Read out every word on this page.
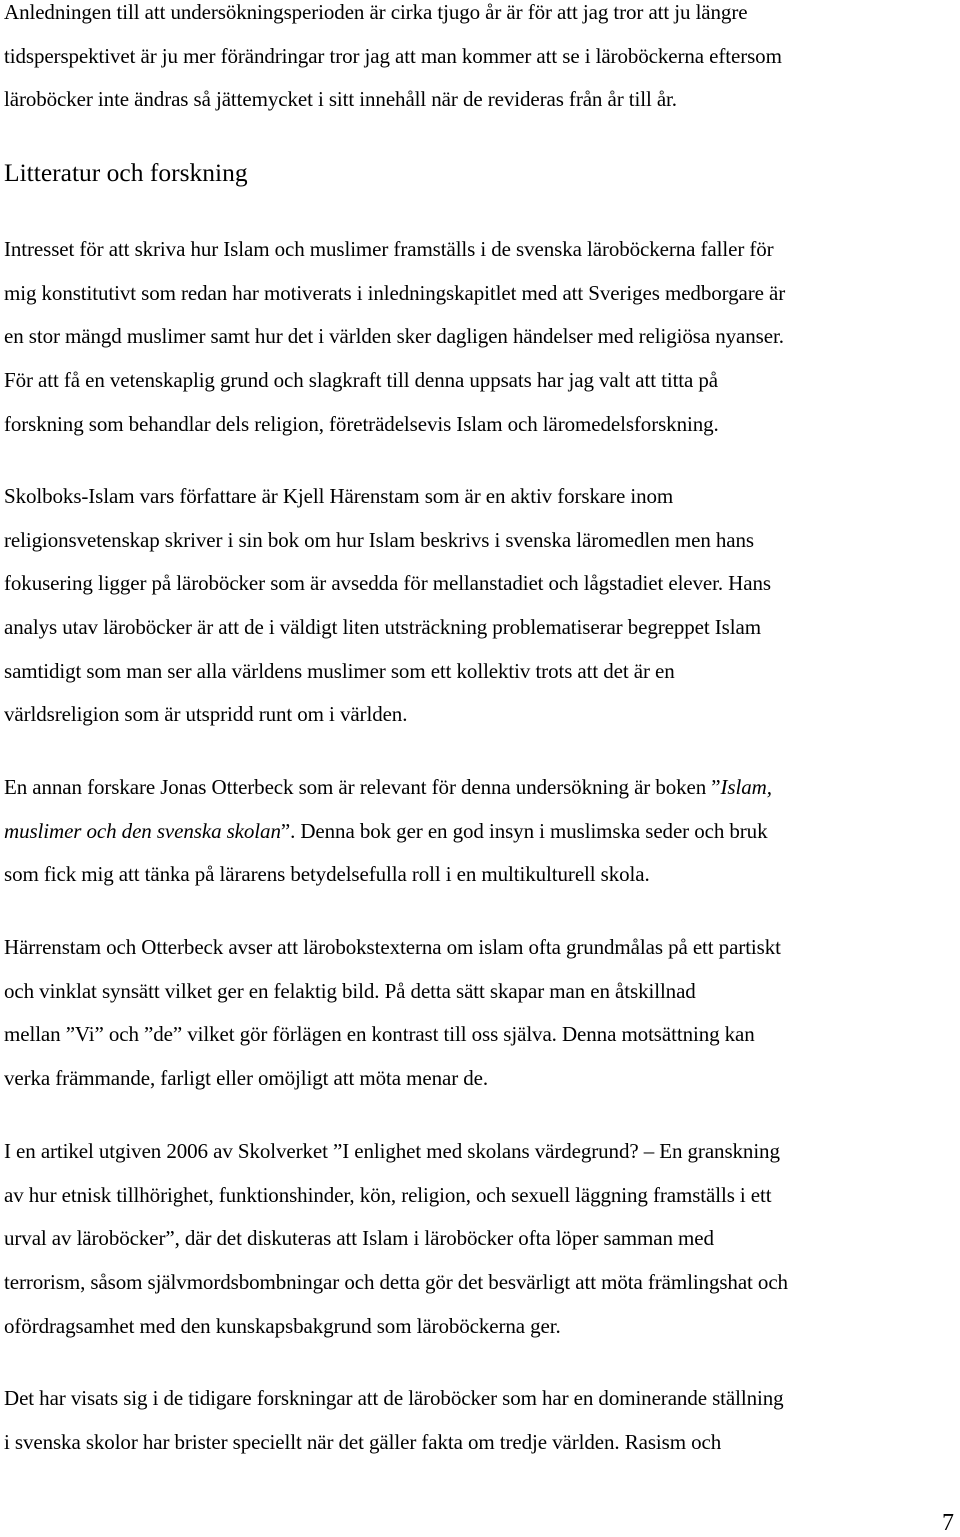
Anledningen till att undersökningsperioden är cirka tjugo år är för att jag tror att ju längre
tidsperspektivet är ju mer förändringar tror jag att man kommer att se i läroböckerna eftersom
läroböcker inte ändras så jättemycket i sitt innehåll när de revideras från år till år.

Litteratur och forskning

Intresset för att skriva hur Islam och muslimer framställs i de svenska läroböckerna faller för
mig konstitutivt som redan har motiverats i inledningskapitlet med att Sveriges medborgare är
en stor mängd muslimer samt hur det i världen sker dagligen händelser med religiösa nyanser.
För att få en vetenskaplig grund och slagkraft till denna uppsats har jag valt att titta på
forskning som behandlar dels religion, företrädelsevis Islam och läromedelsforskning.

Skolboks-Islam vars författare är Kjell Härenstam som är en aktiv forskare inom
religionsvetenskap skriver i sin bok om hur Islam beskrivs i svenska läromedlen men hans
fokusering ligger på läroböcker som är avsedda för mellanstadiet och lågstadiet elever. Hans
analys utav läroböcker är att de i väldigt liten utsträckning problematiserar begreppet Islam
samtidigt som man ser alla världens muslimer som ett kollektiv trots att det är en
världsreligion som är utspridd runt om i världen.

En annan forskare Jonas Otterbeck som är relevant för denna undersökning är boken ”Islam,
muslimer och den svenska skolan”. Denna bok ger en god insyn i muslimska seder och bruk
som fick mig att tänka på lärarens betydelsefulla roll i en multikulturell skola.

Härrenstam och Otterbeck avser att lärobokstexterna om islam ofta grundmålas på ett partiskt
och vinklat synsätt vilket ger en felaktig bild. På detta sätt skapar man en åtskillnad
mellan ”Vi” och ”de” vilket gör förlägen en kontrast till oss själva. Denna motsättning kan
verka främmande, farligt eller omöjligt att möta menar de.

I en artikel utgiven 2006 av Skolverket ”I enlighet med skolans värdegrund? – En granskning
av hur etnisk tillhörighet, funktionshinder, kön, religion, och sexuell läggning framställs i ett
urval av läroböcker”, där det diskuteras att Islam i läroböcker ofta löper samman med
terrorism, såsom självmordsbombningar och detta gör det besvärligt att möta främlingshat och
ofördragsamhet med den kunskapsbakgrund som läroböckerna ger.

Det har visats sig i de tidigare forskningar att de läroböcker som har en dominerande ställning
i svenska skolor har brister speciellt när det gäller fakta om tredje världen. Rasism och

7
